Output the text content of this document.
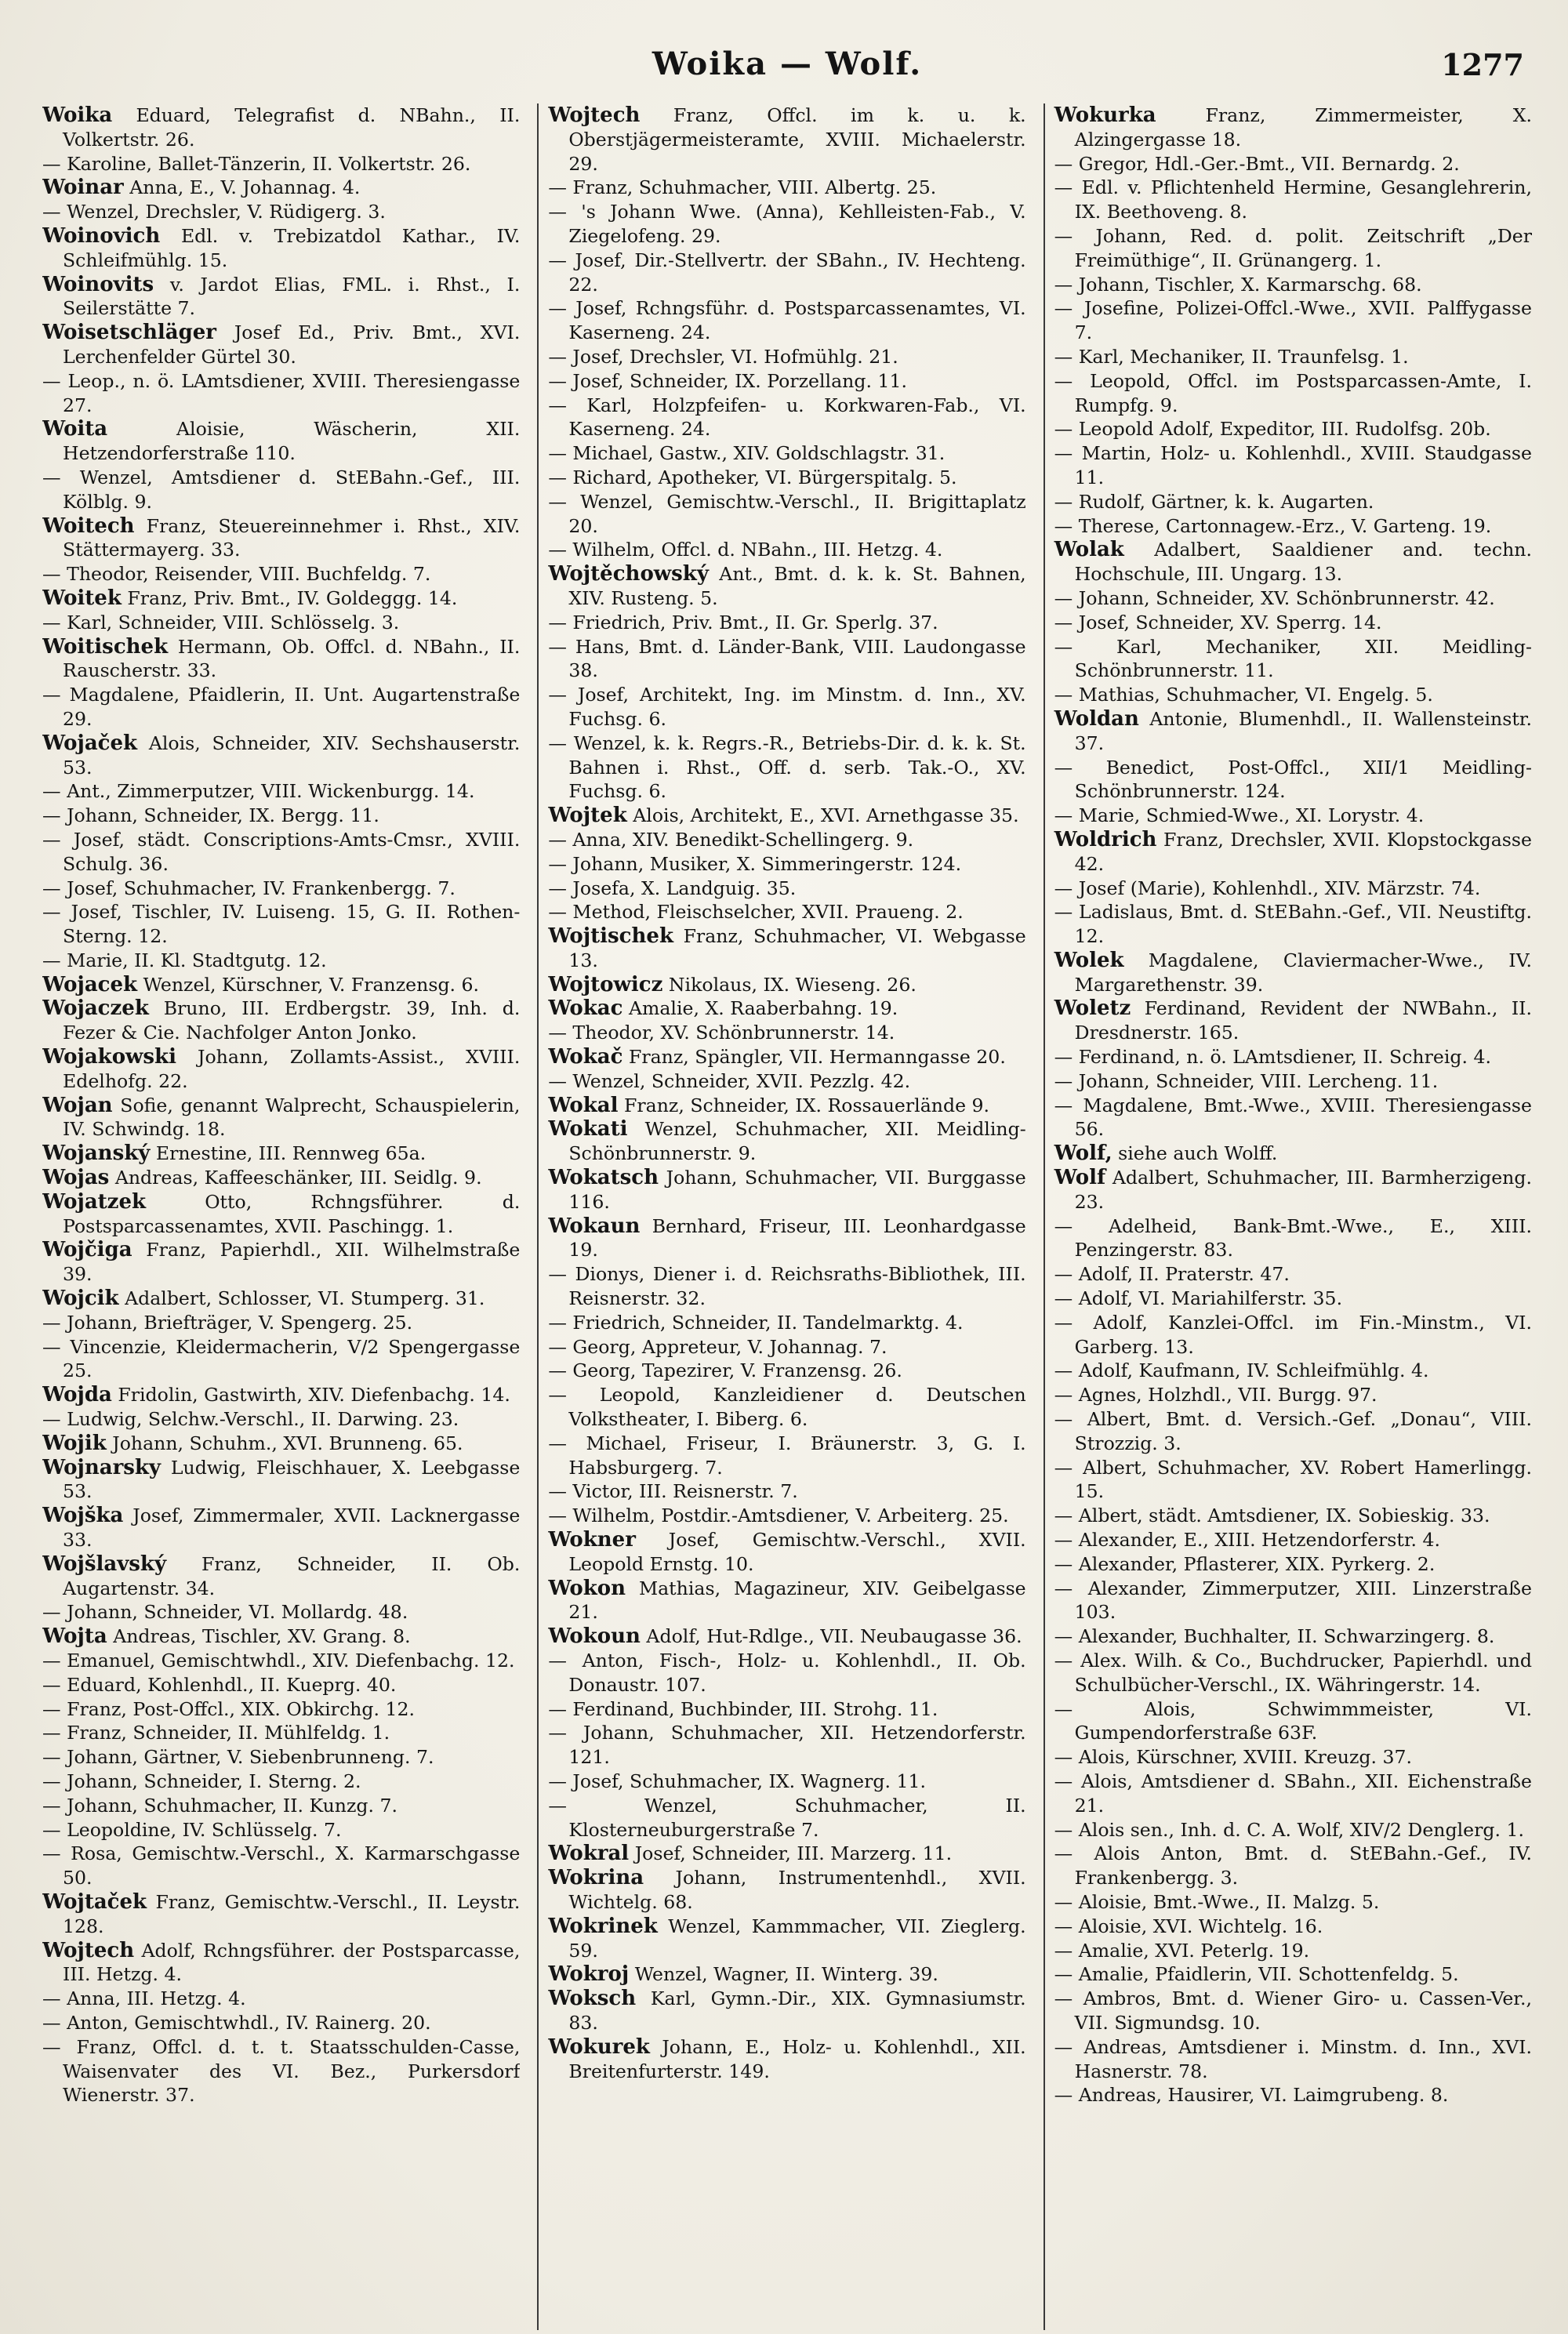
Woika — Wolf.	1277

Woika Eduard, Telegrafist d. NBahn., II. Volkertstr. 26.

— Karoline, Ballet-Tänzerin, II. Volkertstr. 26.

Woinar Anna, E., V. Johannag. 4.

— Wenzel, Drechsler, V. Rüdigerg. 3.

Woinovich Edl. v. Trebizatdol Kathar., IV. Schleifmühlg. 15.

Woinovits v. Jardot Elias, FML. i. Rhst., I. Seilerstätte 7.

Woisetschläger Josef Ed., Priv. Bmt., XVI. Lerchenfelder Gürtel 30.

— Leop., n. ö. LAmtsdiener, XVIII. Theresiengasse 27.

Woita	Aloisie, Wäscherin, XII. Hetzendorferstraße 110.

— Wenzel, Amtsdiener d. StEBahn.-Gef., III. Kölblg. 9.

Woitech Franz, Steuereinnehmer i. Rhst., XIV. Stättermayerg. 33.

— Theodor, Reisender, VIII. Buchfeldg. 7.

Woitek Franz, Priv. Bmt., IV. Goldeggg. 14.

— Karl, Schneider, VIII. Schlösselg. 3.

Woitischek Hermann, Ob. Offcl. d. NBahn., II. Rauscherstr. 33.

— Magdalene, Pfaidlerin, II. Unt. Augartenstraße 29.

Wojaček Alois, Schneider, XIV. Sechshauserstr. 53.

— Ant., Zimmerputzer, VIII. Wickenburgg. 14.

— Johann, Schneider, IX. Bergg. 11.

— Josef, städt. Conscriptions-Amts-Cmsr., XVIII. Schulg. 36.

— Josef, Schuhmacher, IV. Frankenbergg. 7.

— Josef, Tischler, IV. Luiseng. 15, G. II. Rothen-Sterng. 12.

— Marie, II. Kl. Stadtgutg. 12.

Wojacek Wenzel, Kürschner, V. Franzensg. 6.

Wojaczek Bruno, III. Erdbergstr. 39, Inh. d. Fezer & Cie. Nachfolger Anton Jonko.

Wojakowski Johann, Zollamts-Assist., XVIII. Edelhofg. 22.

Wojan Sofie, genannt Walprecht, Schauspielerin, IV. Schwindg. 18.

Wojanský Ernestine, III. Rennweg 65a.

Wojas Andreas, Kaffeeschänker, III. Seidlg. 9.

Wojatzek	Otto, Rchngsführer. d. Postsparcassenamtes, XVII. Paschingg. 1.

Wojčiga Franz, Papierhdl., XII. Wilhelmstraße 39.

Wojcik Adalbert, Schlosser, VI. Stumperg. 31.

— Johann, Briefträger, V. Spengerg. 25.

— Vincenzie, Kleidermacherin, V/2 Spengergasse 25.

Wojda Fridolin, Gastwirth, XIV. Diefenbachg. 14.

— Ludwig, Selchw.-Verschl., II. Darwing. 23.

Wojik Johann, Schuhm., XVI. Brunneng. 65.

Wojnarsky Ludwig, Fleischhauer, X. Leebgasse 53.

Wojška Josef, Zimmermaler, XVII. Lacknergasse 33.

Wojšlavský Franz, Schneider, II. Ob. Augartenstr. 34.

— Johann, Schneider, VI. Mollardg. 48.

Wojta Andreas, Tischler, XV. Grang. 8.

— Emanuel, Gemischtwhdl., XIV. Diefenbachg. 12.

— Eduard, Kohlenhdl., II. Kueprg. 40.

— Franz, Post-Offcl., XIX. Obkirchg. 12.

— Franz, Schneider, II. Mühlfeldg. 1.

— Johann, Gärtner, V. Siebenbrunneng. 7.

— Johann, Schneider, I. Sterng. 2.

— Johann, Schuhmacher, II. Kunzg. 7.

— Leopoldine, IV. Schlüsselg. 7.

— Rosa, Gemischtw.-Verschl., X. Karmarschgasse 50.

Wojtaček Franz, Gemischtw.-Verschl., II. Leystr. 128.

Wojtech Adolf, Rchngsführer. der Postsparcasse, III. Hetzg. 4.

— Anna, III. Hetzg. 4.

— Anton, Gemischtwhdl., IV. Rainerg. 20.

— Franz, Offcl. d. t. t. Staatsschulden-Casse, Waisenvater des VI. Bez., Purkersdorf Wienerstr. 37.

Wojtech Franz, Offcl. im k. u. k. Oberstjägermeisteramte, XVIII. Michaelerstr. 29.

— Franz, Schuhmacher, VIII. Albertg. 25.

— 's Johann Wwe. (Anna), Kehlleisten-Fab., V. Ziegelofeng. 29.

— Josef, Dir.-Stellvertr. der SBahn., IV. Hechteng. 22.

— Josef, Rchngsführ. d. Postsparcassenamtes, VI. Kaserneng. 24.

— Josef, Drechsler, VI. Hofmühlg. 21.

— Josef, Schneider, IX. Porzellang. 11.

— Karl, Holzpfeifen- u. Korkwaren-Fab., VI. Kaserneng. 24.

— Michael, Gastw., XIV. Goldschlagstr. 31.

— Richard, Apotheker, VI. Bürgerspitalg. 5.

— Wenzel, Gemischtw.-Verschl., II. Brigittaplatz 20.

— Wilhelm, Offcl. d. NBahn., III. Hetzg. 4.

Wojtěchowský Ant., Bmt. d. k. k. St. Bahnen, XIV. Rusteng. 5.

— Friedrich, Priv. Bmt., II. Gr. Sperlg. 37.

— Hans, Bmt. d. Länder-Bank, VIII. Laudongasse 38.

— Josef, Architekt, Ing. im Minstm. d. Inn., XV. Fuchsg. 6.

— Wenzel, k. k. Regrs.-R., Betriebs-Dir. d. k. k. St. Bahnen i. Rhst., Off. d. serb. Tak.-O., XV. Fuchsg. 6.

Wojtek Alois, Architekt, E., XVI. Arnethgasse 35.

— Anna, XIV. Benedikt-Schellingerg. 9.

— Johann, Musiker, X. Simmeringerstr. 124.

— Josefa, X. Landguig. 35.

— Method, Fleischselcher, XVII. Praueng. 2.

Wojtischek Franz, Schuhmacher, VI. Webgasse 13.

Wojtowicz Nikolaus, IX. Wieseng. 26.

Wokac Amalie, X. Raaberbahng. 19.

— Theodor, XV. Schönbrunnerstr. 14.

Wokač Franz, Spängler, VII. Hermanngasse 20.

— Wenzel, Schneider, XVII. Pezzlg. 42.

Wokal Franz, Schneider, IX. Rossauerlände 9.

Wokati Wenzel, Schuhmacher, XII. Meidling-Schönbrunnerstr. 9.

Wokatsch Johann, Schuhmacher, VII. Burggasse 116.

Wokaun Bernhard, Friseur, III. Leonhardgasse 19.

— Dionys, Diener i. d. Reichsraths-Bibliothek, III. Reisnerstr. 32.

— Friedrich, Schneider, II. Tandelmarktg. 4.

— Georg, Appreteur, V. Johannag. 7.

— Georg, Tapezirer, V. Franzensg. 26.

— Leopold, Kanzleidiener d. Deutschen Volkstheater, I. Biberg. 6.

— Michael, Friseur, I. Bräunerstr. 3, G. I. Habsburgerg. 7.

— Victor, III. Reisnerstr. 7.

— Wilhelm, Postdir.-Amtsdiener, V. Arbeiterg. 25.

Wokner Josef, Gemischtw.-Verschl., XVII. Leopold Ernstg. 10.

Wokon Mathias, Magazineur, XIV. Geibelgasse 21.

Wokoun Adolf, Hut-Rdlge., VII. Neubaugasse 36.

— Anton, Fisch-, Holz- u. Kohlenhdl., II. Ob. Donaustr. 107.

— Ferdinand, Buchbinder, III. Strohg. 11.

— Johann, Schuhmacher, XII. Hetzendorferstr. 121.

— Josef, Schuhmacher, IX. Wagnerg. 11.

— Wenzel, Schuhmacher, II. Klosterneuburgerstraße 7.

Wokral Josef, Schneider, III. Marzerg. 11.

Wokrina Johann, Instrumentenhdl., XVII. Wichtelg. 68.

Wokrinek Wenzel, Kammmacher, VII. Zieglerg. 59.

Wokroj Wenzel, Wagner, II. Winterg. 39.

Woksch Karl, Gymn.-Dir., XIX. Gymnasiumstr. 83.

Wokurek Johann, E., Holz- u. Kohlenhdl., XII. Breitenfurterstr. 149.

Wokurka	Franz, Zimmermeister, X. Alzingergasse 18.

— Gregor, Hdl.-Ger.-Bmt., VII. Bernardg. 2.

— Edl. v. Pflichtenheld Hermine, Gesanglehrerin, IX. Beethoveng. 8.

— Johann, Red. d. polit. Zeitschrift „Der Freimüthige“, II. Grünangerg. 1.

— Johann, Tischler, X. Karmarschg. 68.

— Josefine, Polizei-Offcl.-Wwe., XVII. Palffygasse 7.

— Karl, Mechaniker, II. Traunfelsg. 1.

— Leopold, Offcl. im Postsparcassen-Amte, I. Rumpfg. 9.

— Leopold Adolf, Expeditor, III. Rudolfsg. 20b.

— Martin, Holz- u. Kohlenhdl., XVIII. Staudgasse 11.

— Rudolf, Gärtner, k. k. Augarten.

— Therese, Cartonnagew.-Erz., V. Garteng. 19.

Wolak Adalbert, Saaldiener and. techn. Hochschule, III. Ungarg. 13.

— Johann, Schneider, XV. Schönbrunnerstr. 42.

— Josef, Schneider, XV. Sperrg. 14.

— Karl, Mechaniker, XII. Meidling-Schönbrunnerstr. 11.

— Mathias, Schuhmacher, VI. Engelg. 5.

Woldan Antonie, Blumenhdl., II. Wallensteinstr. 37.

— Benedict, Post-Offcl., XII/1 Meidling-Schönbrunnerstr. 124.

— Marie, Schmied-Wwe., XI. Lorystr. 4.

Woldrich Franz, Drechsler, XVII. Klopstockgasse 42.

— Josef (Marie), Kohlenhdl., XIV. Märzstr. 74.

— Ladislaus, Bmt. d. StEBahn.-Gef., VII. Neustiftg. 12.

Wolek Magdalene, Claviermacher-Wwe., IV. Margarethenstr. 39.

Woletz Ferdinand, Revident der NWBahn., II. Dresdnerstr. 165.

— Ferdinand, n. ö. LAmtsdiener, II. Schreig. 4.

— Johann, Schneider, VIII. Lercheng. 11.

— Magdalene, Bmt.-Wwe., XVIII. Theresiengasse 56.

Wolf, siehe auch Wolff.

Wolf Adalbert, Schuhmacher, III. Barmherzigeng. 23.

— Adelheid, Bank-Bmt.-Wwe., E., XIII. Penzingerstr. 83.

— Adolf, II. Praterstr. 47.

— Adolf, VI. Mariahilferstr. 35.

— Adolf, Kanzlei-Offcl. im Fin.-Minstm., VI. Garberg. 13.

— Adolf, Kaufmann, IV. Schleifmühlg. 4.

— Agnes, Holzhdl., VII. Burgg. 97.

— Albert, Bmt. d. Versich.-Gef. „Donau“, VIII. Strozzig. 3.

— Albert, Schuhmacher, XV. Robert Hamerlingg. 15.

— Albert, städt. Amtsdiener, IX. Sobieskig. 33.

— Alexander, E., XIII. Hetzendorferstr. 4.

— Alexander, Pflasterer, XIX. Pyrkerg. 2.

— Alexander, Zimmerputzer, XIII. Linzerstraße 103.

— Alexander, Buchhalter, II. Schwarzingerg. 8.

— Alex. Wilh. & Co., Buchdrucker, Papierhdl. und Schulbücher-Verschl., IX. Währingerstr. 14.

— Alois, Schwimmmeister, VI. Gumpendorferstraße 63F.

— Alois, Kürschner, XVIII. Kreuzg. 37.

— Alois, Amtsdiener d. SBahn., XII. Eichenstraße 21.

— Alois sen., Inh. d. C. A. Wolf, XIV/2 Denglerg. 1.

— Alois Anton, Bmt. d. StEBahn.-Gef., IV. Frankenbergg. 3.

— Aloisie, Bmt.-Wwe., II. Malzg. 5.

— Aloisie, XVI. Wichtelg. 16.

— Amalie, XVI. Peterlg. 19.

— Amalie, Pfaidlerin, VII. Schottenfeldg. 5.

— Ambros, Bmt. d. Wiener Giro- u. Cassen-Ver., VII. Sigmundsg. 10.

— Andreas, Amtsdiener i. Minstm. d. Inn., XVI. Hasnerstr. 78.

— Andreas, Hausirer, VI. Laimgrubeng. 8.
